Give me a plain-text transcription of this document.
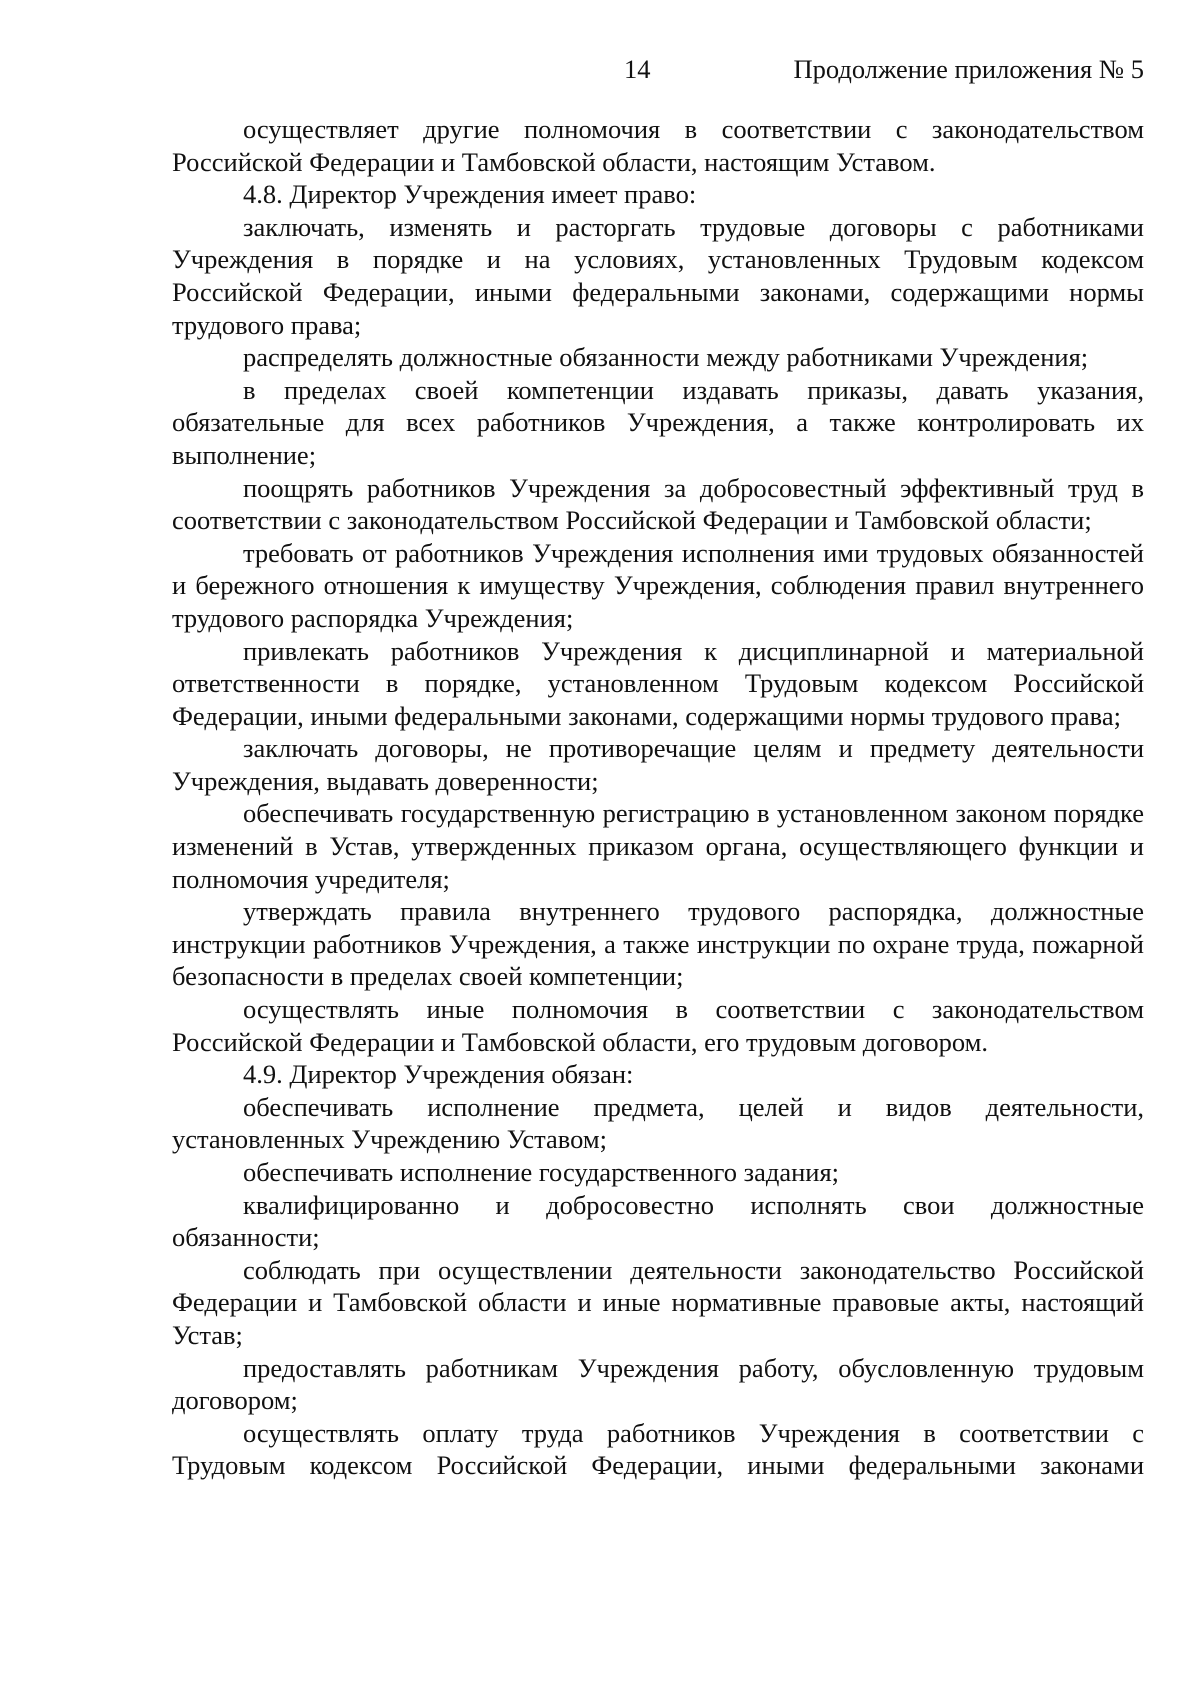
14	Продолжение приложения № 5

осуществляет другие полномочия в соответствии с законодательством Российской Федерации и Тамбовской области, настоящим Уставом.

4.8. Директор Учреждения имеет право:

заключать, изменять и расторгать трудовые договоры с работниками Учреждения в порядке и на условиях, установленных Трудовым кодексом Российской Федерации, иными федеральными законами, содержащими нормы трудового права;

распределять должностные обязанности между работниками Учреждения;

в пределах своей компетенции издавать приказы, давать указания, обязательные для всех работников Учреждения, а также контролировать их выполнение;

поощрять работников Учреждения за добросовестный эффективный труд в соответствии с законодательством Российской Федерации и Тамбовской области;

требовать от работников Учреждения исполнения ими трудовых обязанностей и бережного отношения к имуществу Учреждения, соблюдения правил внутреннего трудового распорядка Учреждения;

привлекать работников Учреждения к дисциплинарной и материальной ответственности в порядке, установленном Трудовым кодексом Российской Федерации, иными федеральными законами, содержащими нормы трудового права;

заключать договоры, не противоречащие целям и предмету деятельности Учреждения, выдавать доверенности;

обеспечивать государственную регистрацию в установленном законом порядке изменений в Устав, утвержденных приказом органа, осуществляющего функции и полномочия учредителя;

утверждать правила внутреннего трудового распорядка, должностные инструкции работников Учреждения, а также инструкции по охране труда, пожарной безопасности в пределах своей компетенции;

осуществлять иные полномочия в соответствии с законодательством Российской Федерации и Тамбовской области, его трудовым договором.

4.9. Директор Учреждения обязан:

обеспечивать исполнение предмета, целей и видов деятельности, установленных Учреждению Уставом;

обеспечивать исполнение государственного задания;

квалифицированно и добросовестно исполнять свои должностные обязанности;

соблюдать при осуществлении деятельности законодательство Российской Федерации и Тамбовской области и иные нормативные правовые акты, настоящий Устав;

предоставлять работникам Учреждения работу, обусловленную трудовым договором;

осуществлять оплату труда работников Учреждения в соответствии с Трудовым кодексом Российской Федерации, иными федеральными законами
